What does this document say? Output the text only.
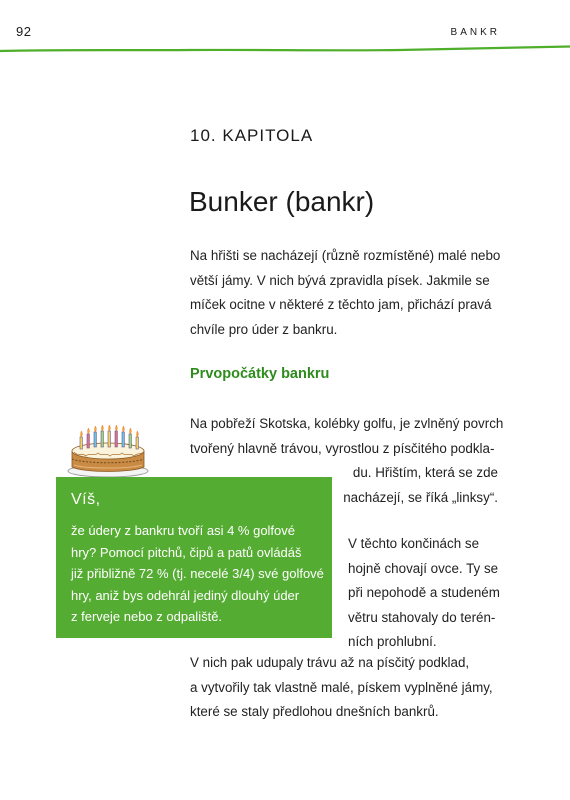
92	BANKR
10. KAPITOLA
Bunker (bankr)
Na hřišti se nacházejí (různě rozmístěné) malé nebo
větší jámy. V nich bývá zpravidla písek. Jakmile se
míček ocitne v některé z těchto jam, přichází pravá
chvíle pro úder z bankru.
Prvopočátky bankru
Na pobřeží Skotska, kolébky golfu, je zvlněný povrch
tvořený hlavně trávou, vyrostlou z písčitého podkla-
du. Hřištím, která se zde
nacházejí, se říká „linksy“.
V těchto končinách se
hojně chovají ovce. Ty se
při nepohodě a studeném
větru stahovaly do terén-
ních prohlubní.
V nich pak udupaly trávu až na písčitý podklad,
a vytvořily tak vlastně malé, pískem vyplněné jámy,
které se staly předlohou dnešních bankrů.
Víš,
že údery z bankru tvoří asi 4 % golfové
hry? Pomocí pitchů, čipů a patů ovládáš
již přibližně 72 % (tj. necelé 3/4) své golfové
hry, aniž bys odehrál jediný dlouhý úder
z ferveje nebo z odpaliště.
